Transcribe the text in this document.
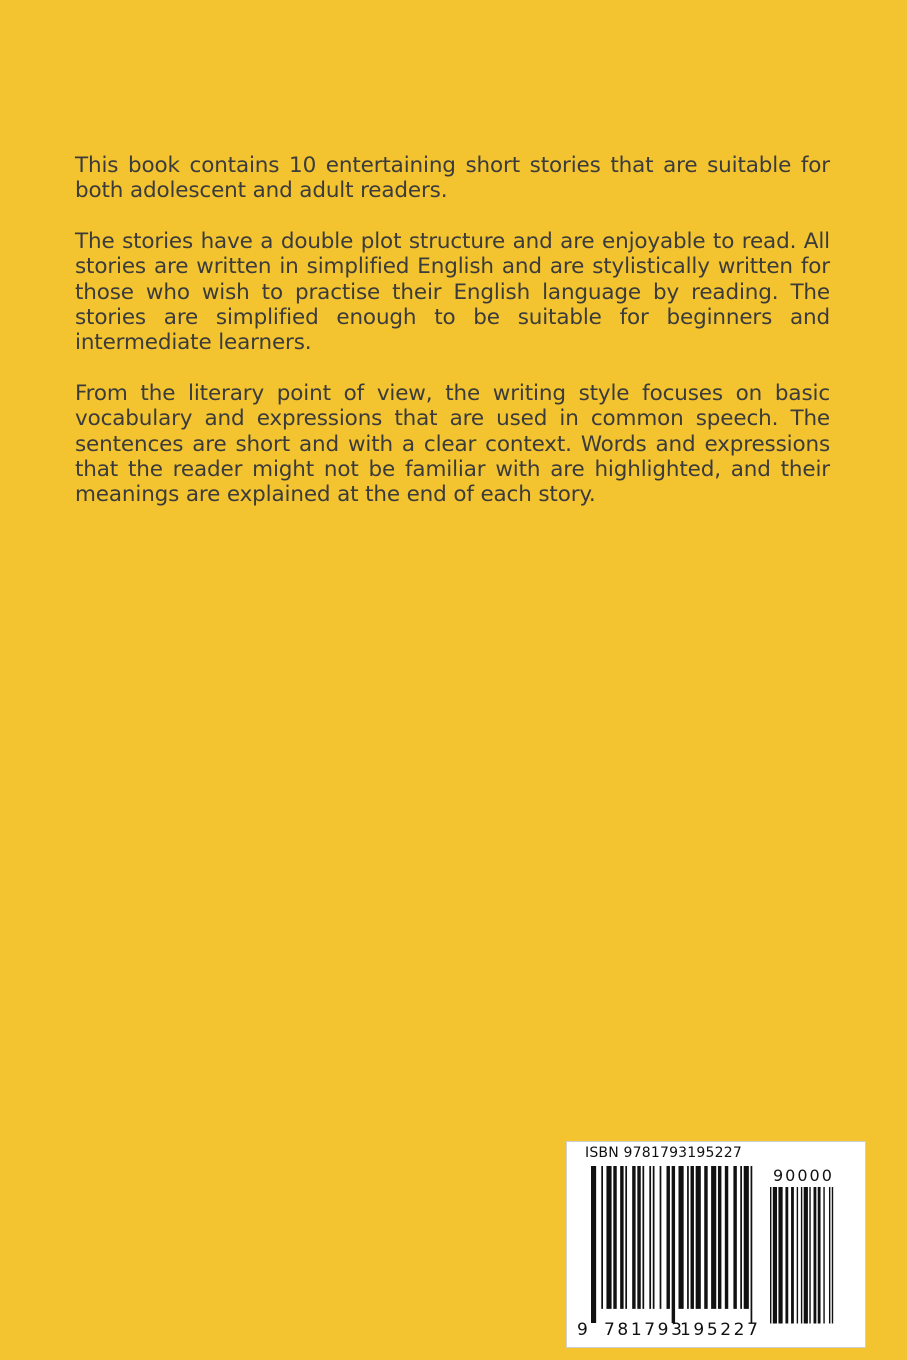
This book contains 10 entertaining short stories that are suitable for both adolescent and adult readers.

The stories have a double plot structure and are enjoyable to read. All stories are written in simplified English and are stylistically written for those who wish to practise their English language by reading. The stories are simplified enough to be suitable for beginners and intermediate learners.

From the literary point of view, the writing style focuses on basic vocabulary and expressions that are used in common speech. The sentences are short and with a clear context. Words and expressions that the reader might not be familiar with are highlighted, and their meanings are explained at the end of each story.

ISBN 9781793195227
90000
9 781793
195227
